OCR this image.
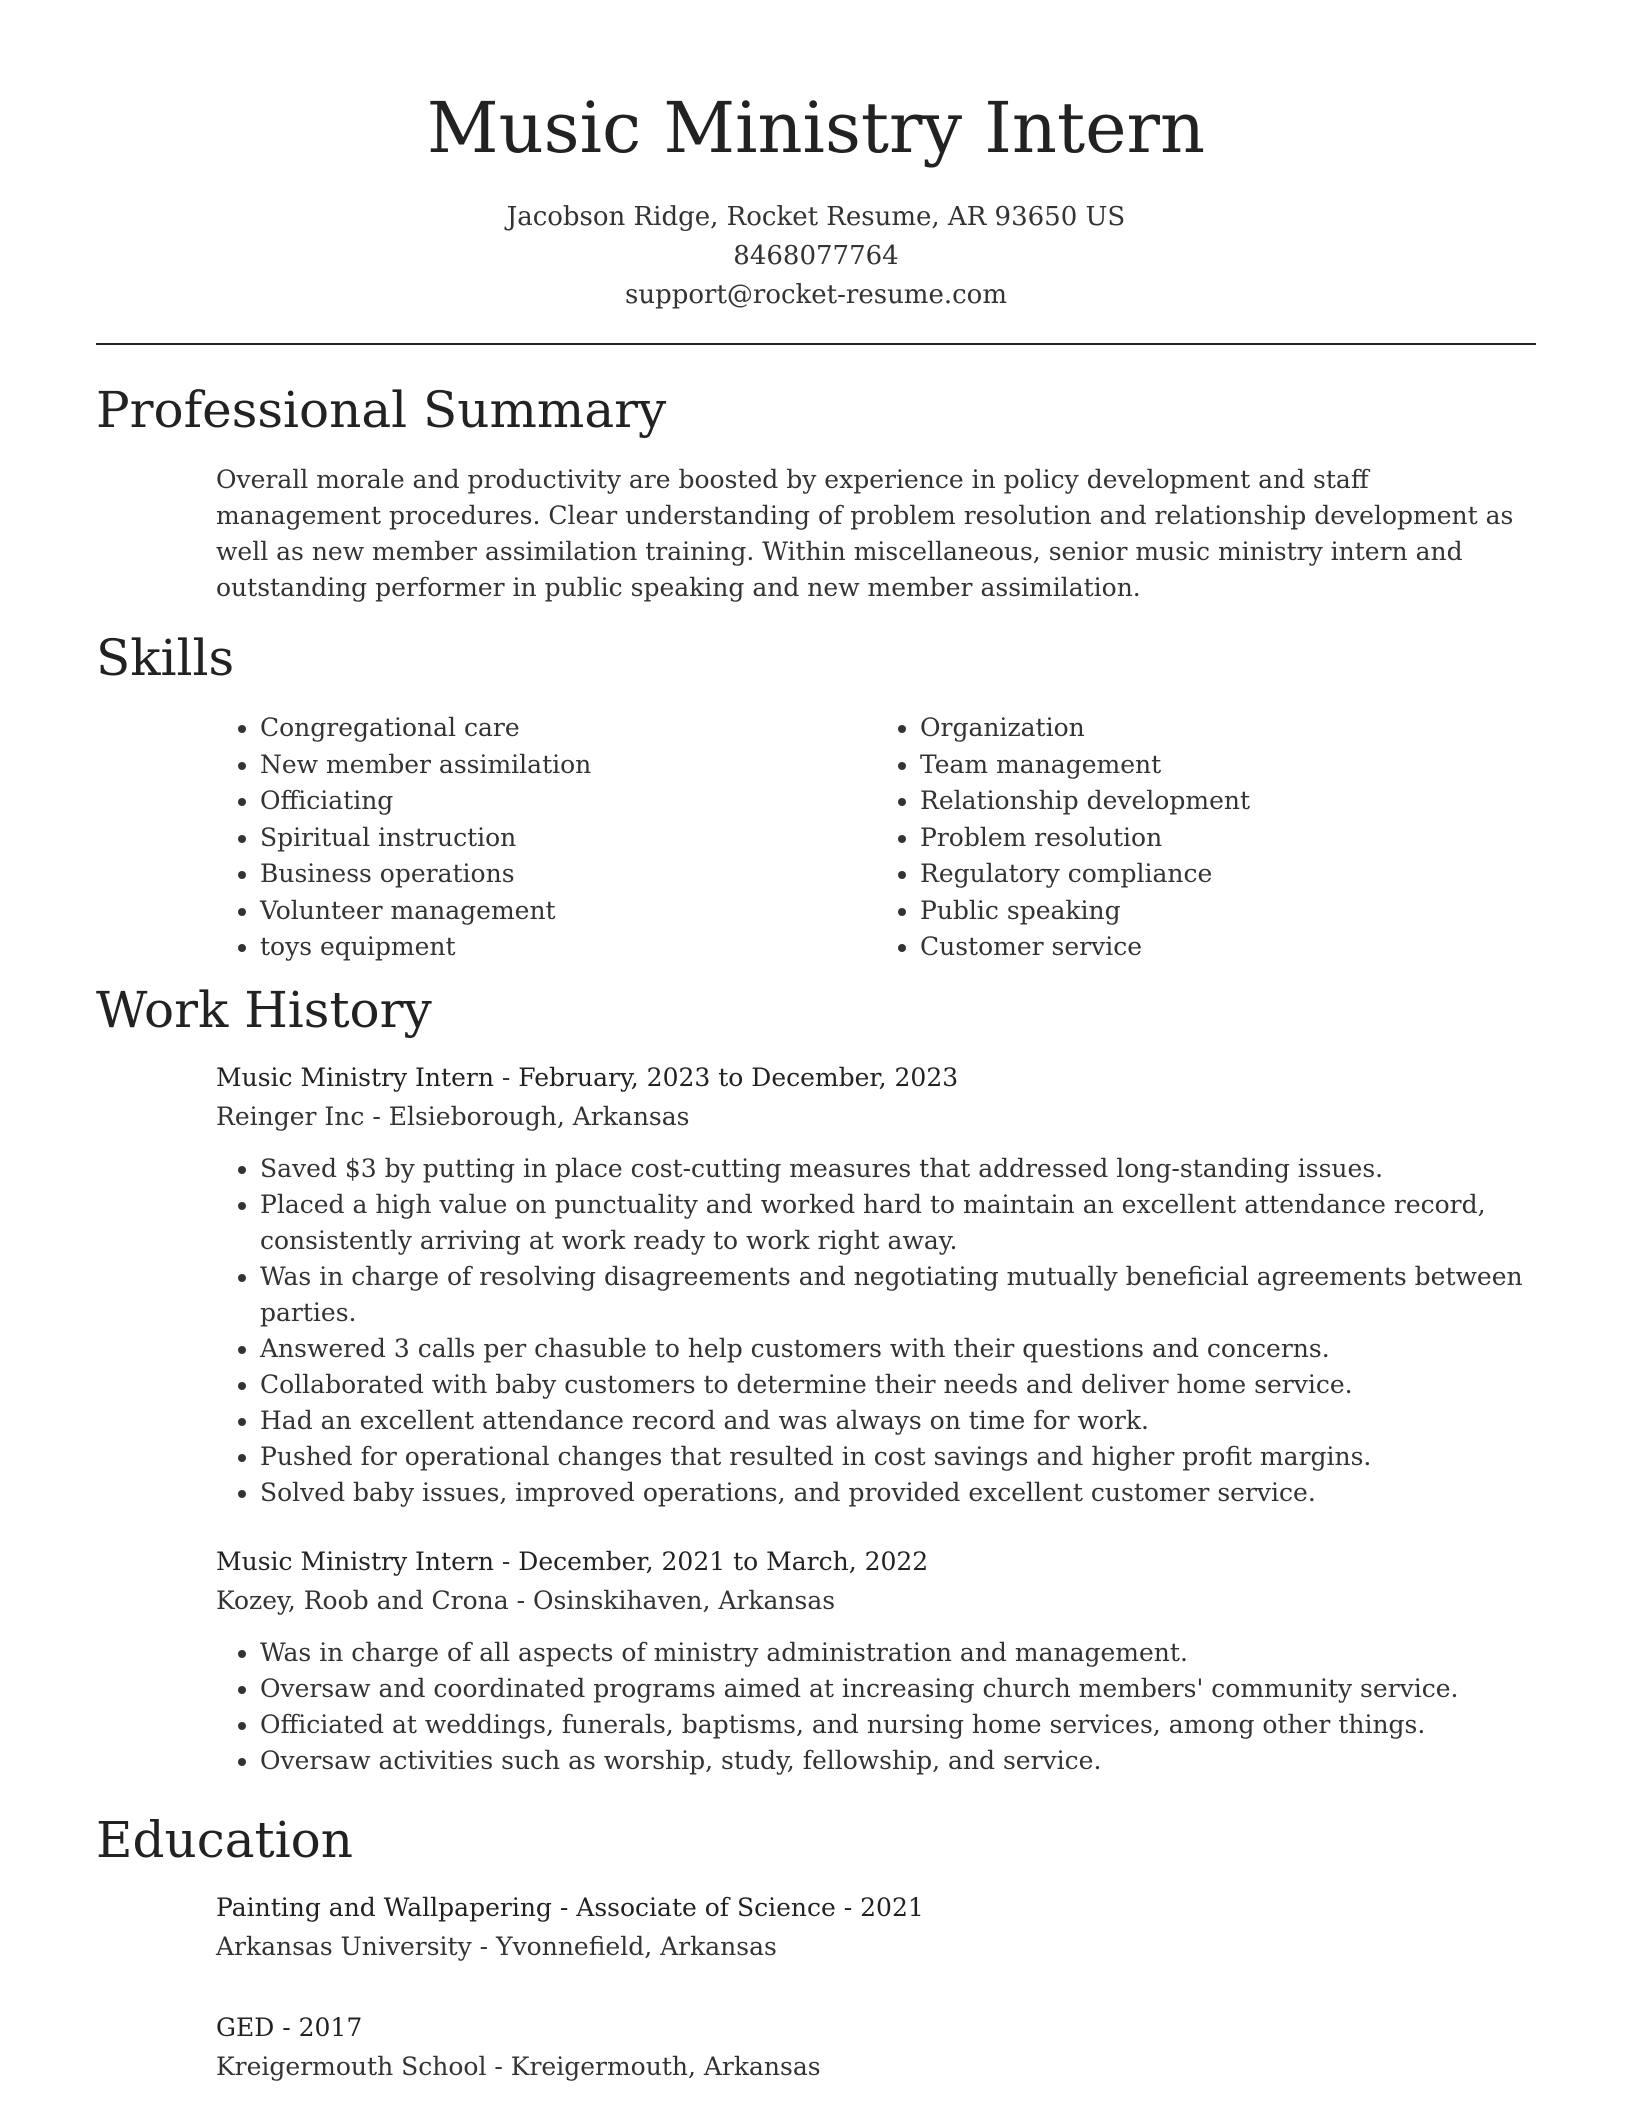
Music Ministry Intern
Jacobson Ridge, Rocket Resume, AR 93650 US
8468077764
support@rocket-resume.com
Professional Summary
Overall morale and productivity are boosted by experience in policy development and staff management procedures. Clear understanding of problem resolution and relationship development as well as new member assimilation training. Within miscellaneous, senior music ministry intern and outstanding performer in public speaking and new member assimilation.
Skills
• Congregational care
• New member assimilation
• Officiating
• Spiritual instruction
• Business operations
• Volunteer management
• toys equipment
• Organization
• Team management
• Relationship development
• Problem resolution
• Regulatory compliance
• Public speaking
• Customer service
Work History
Music Ministry Intern - February, 2023 to December, 2023
Reinger Inc - Elsieborough, Arkansas
• Saved $3 by putting in place cost-cutting measures that addressed long-standing issues.
• Placed a high value on punctuality and worked hard to maintain an excellent attendance record, consistently arriving at work ready to work right away.
• Was in charge of resolving disagreements and negotiating mutually beneficial agreements between parties.
• Answered 3 calls per chasuble to help customers with their questions and concerns.
• Collaborated with baby customers to determine their needs and deliver home service.
• Had an excellent attendance record and was always on time for work.
• Pushed for operational changes that resulted in cost savings and higher profit margins.
• Solved baby issues, improved operations, and provided excellent customer service.
Music Ministry Intern - December, 2021 to March, 2022
Kozey, Roob and Crona - Osinskihaven, Arkansas
• Was in charge of all aspects of ministry administration and management.
• Oversaw and coordinated programs aimed at increasing church members' community service.
• Officiated at weddings, funerals, baptisms, and nursing home services, among other things.
• Oversaw activities such as worship, study, fellowship, and service.
Education
Painting and Wallpapering - Associate of Science - 2021
Arkansas University - Yvonnefield, Arkansas
GED - 2017
Kreigermouth School - Kreigermouth, Arkansas
